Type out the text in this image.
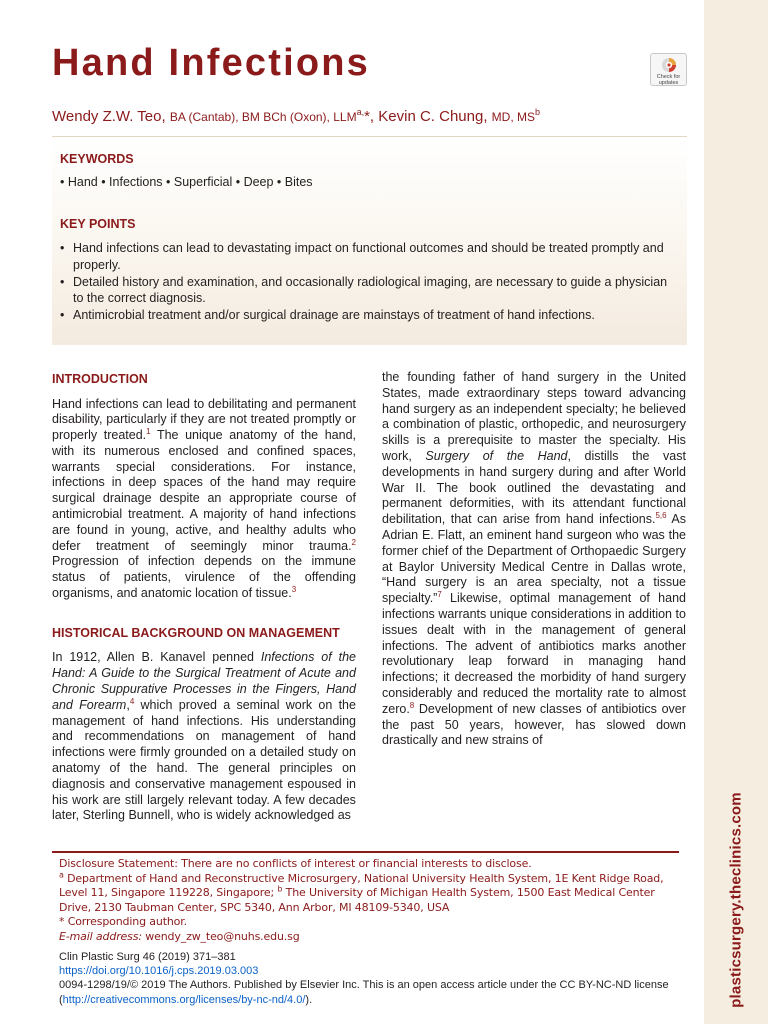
plasticsurgery.theclinics.com
Hand Infections	Check for
updates
Wendy Z.W. Teo, BA (Cantab), BM BCh (Oxon), $LLM^{a,}*$, Kevin C. Chung, MD, $MS^b$
KEYWORDS
• Hand • Infections • Superficial • Deep • Bites
KEY POINTS
• Hand infections can lead to devastating impact on functional outcomes and should be treated promptly and properly.
• Detailed history and examination, and occasionally radiological imaging, are necessary to guide a physician to the correct diagnosis.
• Antimicrobial treatment and/or surgical drainage are mainstays of treatment of hand infections.
INTRODUCTION

Hand infections can lead to debilitating and permanent disability, particularly if they are not treated promptly or properly treated.$^1$ The unique anatomy of the hand, with its numerous enclosed and confined spaces, warrants special considerations. For instance, infections in deep spaces of the hand may require surgical drainage despite an appropriate course of antimicrobial treatment. A majority of hand infections are found in young, active, and healthy adults who defer treatment of seemingly minor trauma.$^2$ Progression of infection depends on the immune status of patients, virulence of the offending organisms, and anatomic location of tissue.$^3$

HISTORICAL BACKGROUND ON MANAGEMENT

In 1912, Allen B. Kanavel penned Infections of the Hand: A Guide to the Surgical Treatment of Acute and Chronic Suppurative Processes in the Fingers, Hand and Forearm,$^4$ which proved a seminal work on the management of hand infections. His understanding and recommendations on management of hand infections were firmly grounded on a detailed study on anatomy of the hand. The general principles on diagnosis and conservative management espoused in his work are still largely relevant today. A few decades later, Sterling Bunnell, who is widely acknowledged as

Disclosure Statement: There are no conflicts of interest or financial interests to disclose.
$^a$ Department of Hand and Reconstructive Microsurgery, National University Health System, 1E Kent Ridge Road, Level 11, Singapore 119228, Singapore; $^b$ The University of Michigan Health System, 1500 East Medical Center Drive, 2130 Taubman Center, SPC 5340, Ann Arbor, MI 48109-5340, USA
* Corresponding author.
E-mail address: wendy_zw_teo@nuhs.edu.sg
Clin Plastic Surg 46 (2019) 371–381
https://doi.org/10.1016/j.cps.2019.03.003
0094-1298/19/© 2019 The Authors. Published by Elsevier Inc. This is an open access article under the CC BY-NC-ND license (http://creativecommons.org/licenses/by-nc-nd/4.0/).

the founding father of hand surgery in the United States, made extraordinary steps toward advancing hand surgery as an independent specialty; he believed a combination of plastic, orthopedic, and neurosurgery skills is a prerequisite to master the specialty. His work, Surgery of the Hand, distills the vast developments in hand surgery during and after World War II. The book outlined the devastating and permanent deformities, with its attendant functional debilitation, that can arise from hand infections.$^{5,6}$ As Adrian E. Flatt, an eminent hand surgeon who was the former chief of the Department of Orthopaedic Surgery at Baylor University Medical Centre in Dallas wrote, “Hand surgery is an area specialty, not a tissue specialty.”$^7$ Likewise, optimal management of hand infections warrants unique considerations in addition to issues dealt with in the management of general infections. The advent of antibiotics marks another revolutionary leap forward in managing hand infections; it decreased the morbidity of hand surgery considerably and reduced the mortality rate to almost zero.$^8$ Development of new classes of antibiotics over the past 50 years, however, has slowed down drastically and new strains of
